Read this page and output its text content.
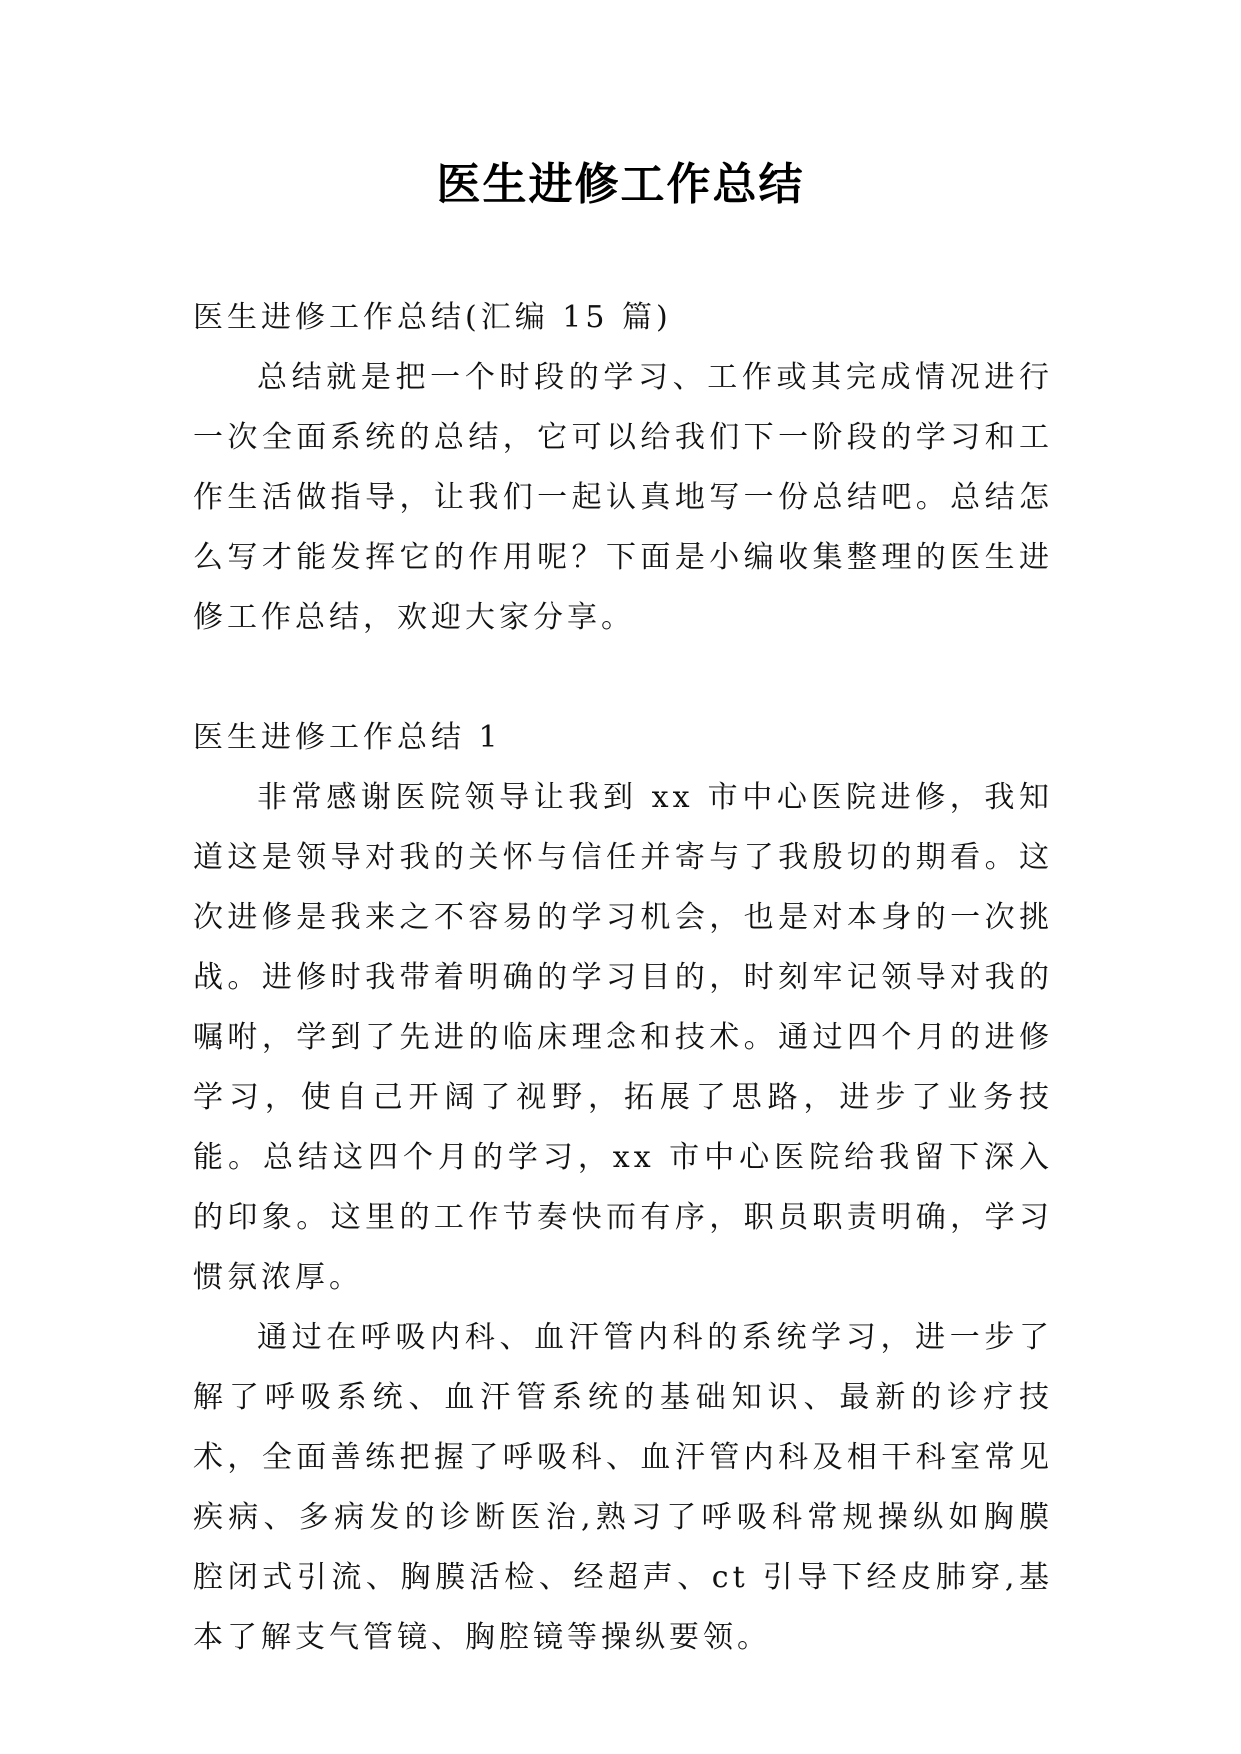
医生进修工作总结

医生进修工作总结(汇编 15 篇)

总结就是把一个时段的学习、工作或其完成情况进行一次全面系统的总结，它可以给我们下一阶段的学习和工作生活做指导，让我们一起认真地写一份总结吧。总结怎么写才能发挥它的作用呢？下面是小编收集整理的医生进修工作总结，欢迎大家分享。

医生进修工作总结 1

非常感谢医院领导让我到 xx 市中心医院进修，我知道这是领导对我的关怀与信任并寄与了我殷切的期看。这次进修是我来之不容易的学习机会，也是对本身的一次挑战。进修时我带着明确的学习目的，时刻牢记领导对我的嘱咐，学到了先进的临床理念和技术。通过四个月的进修学习，使自己开阔了视野，拓展了思路，进步了业务技能。总结这四个月的学习，xx 市中心医院给我留下深入的印象。这里的工作节奏快而有序，职员职责明确，学习惯氛浓厚。

通过在呼吸内科、血汗管内科的系统学习，进一步了解了呼吸系统、血汗管系统的基础知识、最新的诊疗技术，全面善练把握了呼吸科、血汗管内科及相干科室常见疾病、多病发的诊断医治,熟习了呼吸科常规操纵如胸膜腔闭式引流、胸膜活检、经超声、ct 引导下经皮肺穿,基本了解支气管镜、胸腔镜等操纵要领。
